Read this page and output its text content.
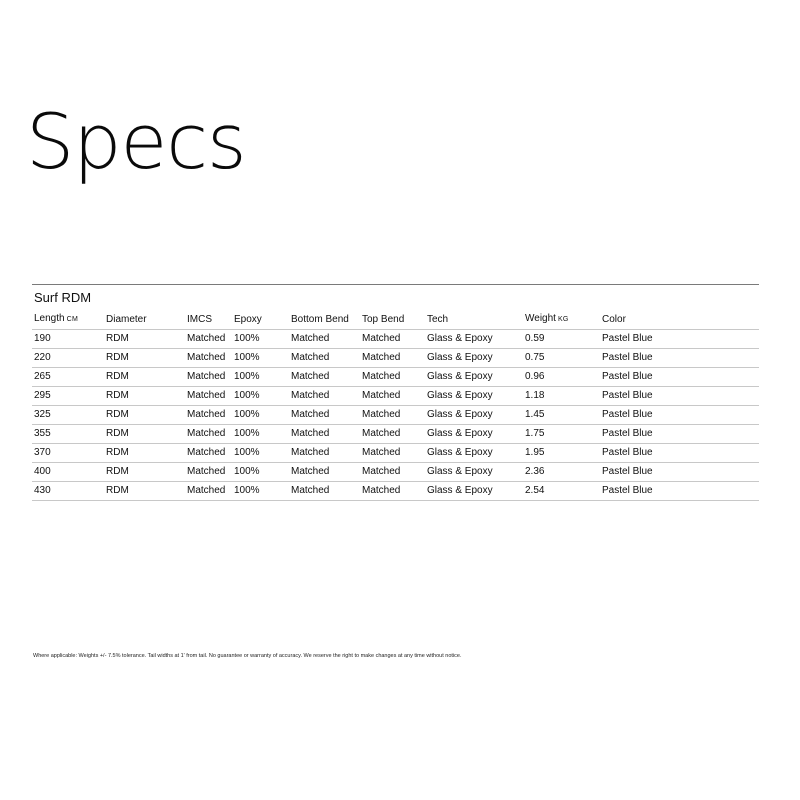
Specs
Surf RDM
Length CM	Diameter	IMCS	Epoxy	Bottom Bend	Top Bend	Tech	Weight KG	Color
190	RDM	Matched	100%	Matched	Matched	Glass & Epoxy	0.59	Pastel Blue
220	RDM	Matched	100%	Matched	Matched	Glass & Epoxy	0.75	Pastel Blue
265	RDM	Matched	100%	Matched	Matched	Glass & Epoxy	0.96	Pastel Blue
295	RDM	Matched	100%	Matched	Matched	Glass & Epoxy	1.18	Pastel Blue
325	RDM	Matched	100%	Matched	Matched	Glass & Epoxy	1.45	Pastel Blue
355	RDM	Matched	100%	Matched	Matched	Glass & Epoxy	1.75	Pastel Blue
370	RDM	Matched	100%	Matched	Matched	Glass & Epoxy	1.95	Pastel Blue
400	RDM	Matched	100%	Matched	Matched	Glass & Epoxy	2.36	Pastel Blue
430	RDM	Matched	100%	Matched	Matched	Glass & Epoxy	2.54	Pastel Blue
Where applicable: Weights +/- 7.5% tolerance. Tail widths at 1' from tail. No guarantee or warranty of accuracy. We reserve the right to make changes at any time without notice.
